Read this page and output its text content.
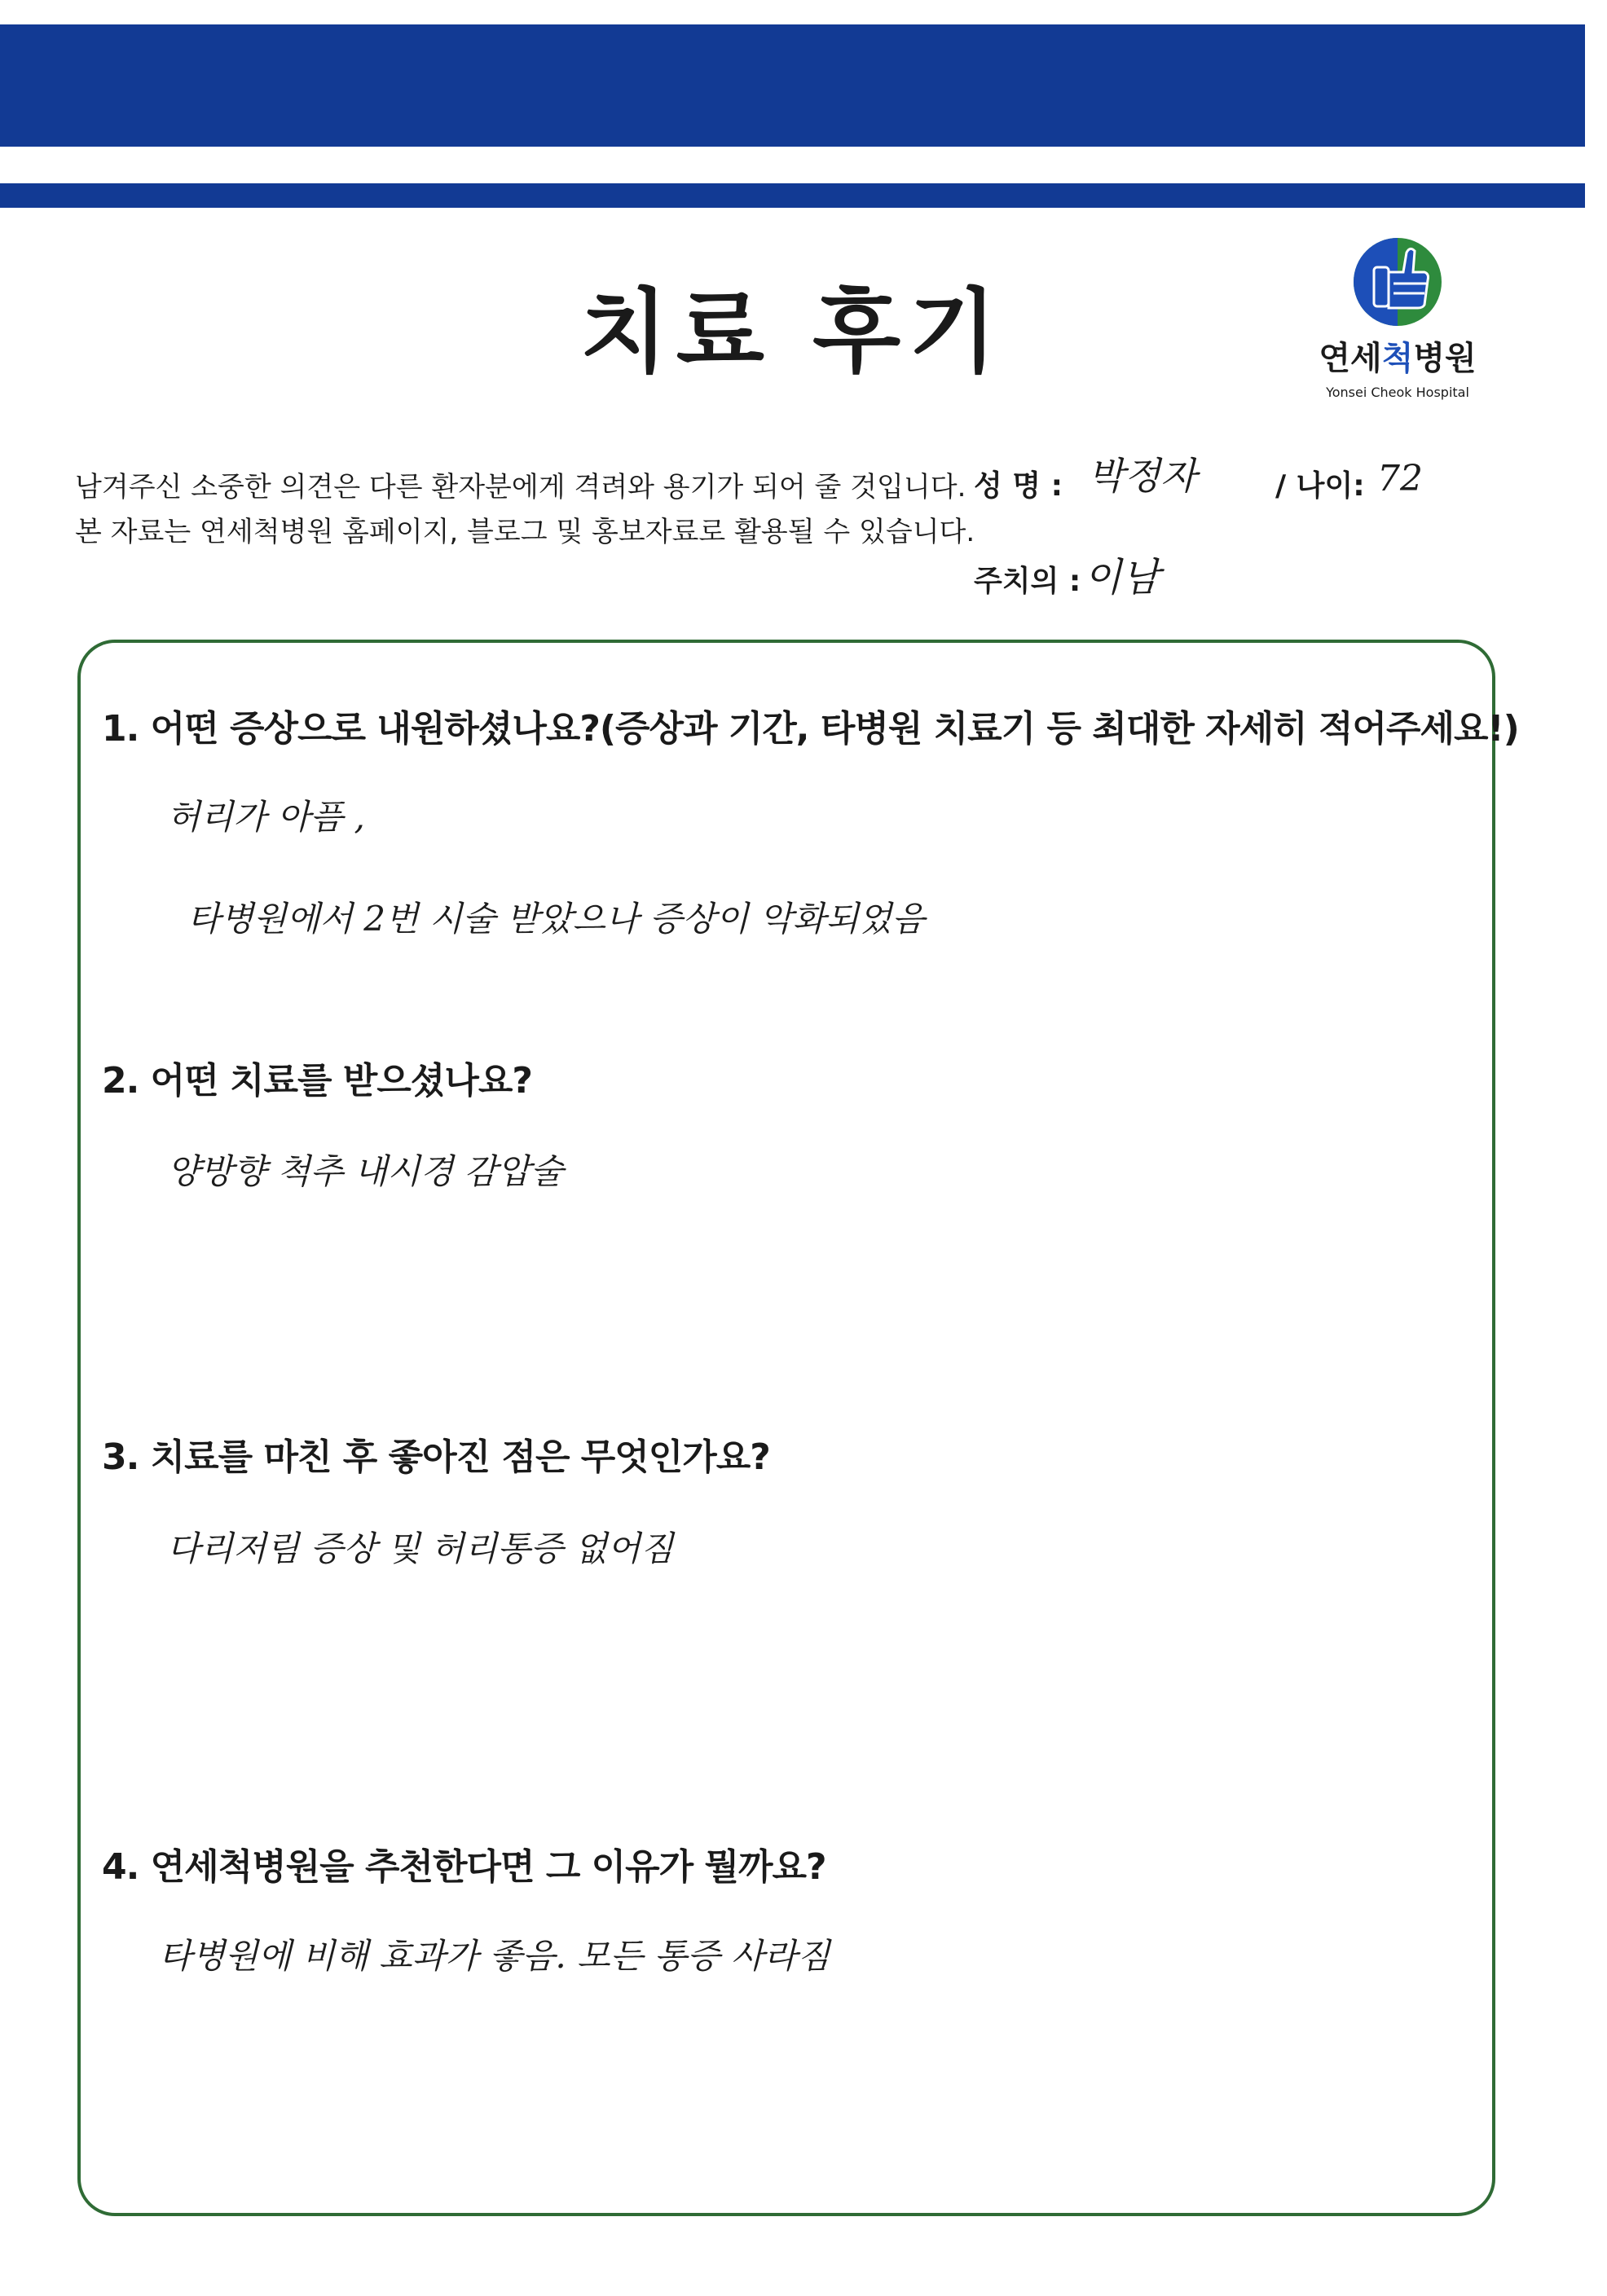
치료 후기	연세척병원
Yonsei Cheok Hospital
남겨주신 소중한 의견은 다른 환자분에게 격려와 용기가 되어 줄 것입니다.
본 자료는 연세척병원 홈페이지, 블로그 및 홍보자료로 활용될 수 있습니다.
성 명 : 박정자	/ 나이: 72
주치의 : 이남
1. 어떤 증상으로 내원하셨나요?(증상과 기간, 타병원 치료기 등 최대한 자세히 적어주세요!)
허리가 아픔 ,
타병원에서 2번 시술 받았으나 증상이 악화되었음
2. 어떤 치료를 받으셨나요?
양방향 척추 내시경 감압술
3. 치료를 마친 후 좋아진 점은 무엇인가요?
다리저림 증상 및 허리통증 없어짐
4. 연세척병원을 추천한다면 그 이유가 뭘까요?
타병원에 비해 효과가 좋음. 모든 통증 사라짐
